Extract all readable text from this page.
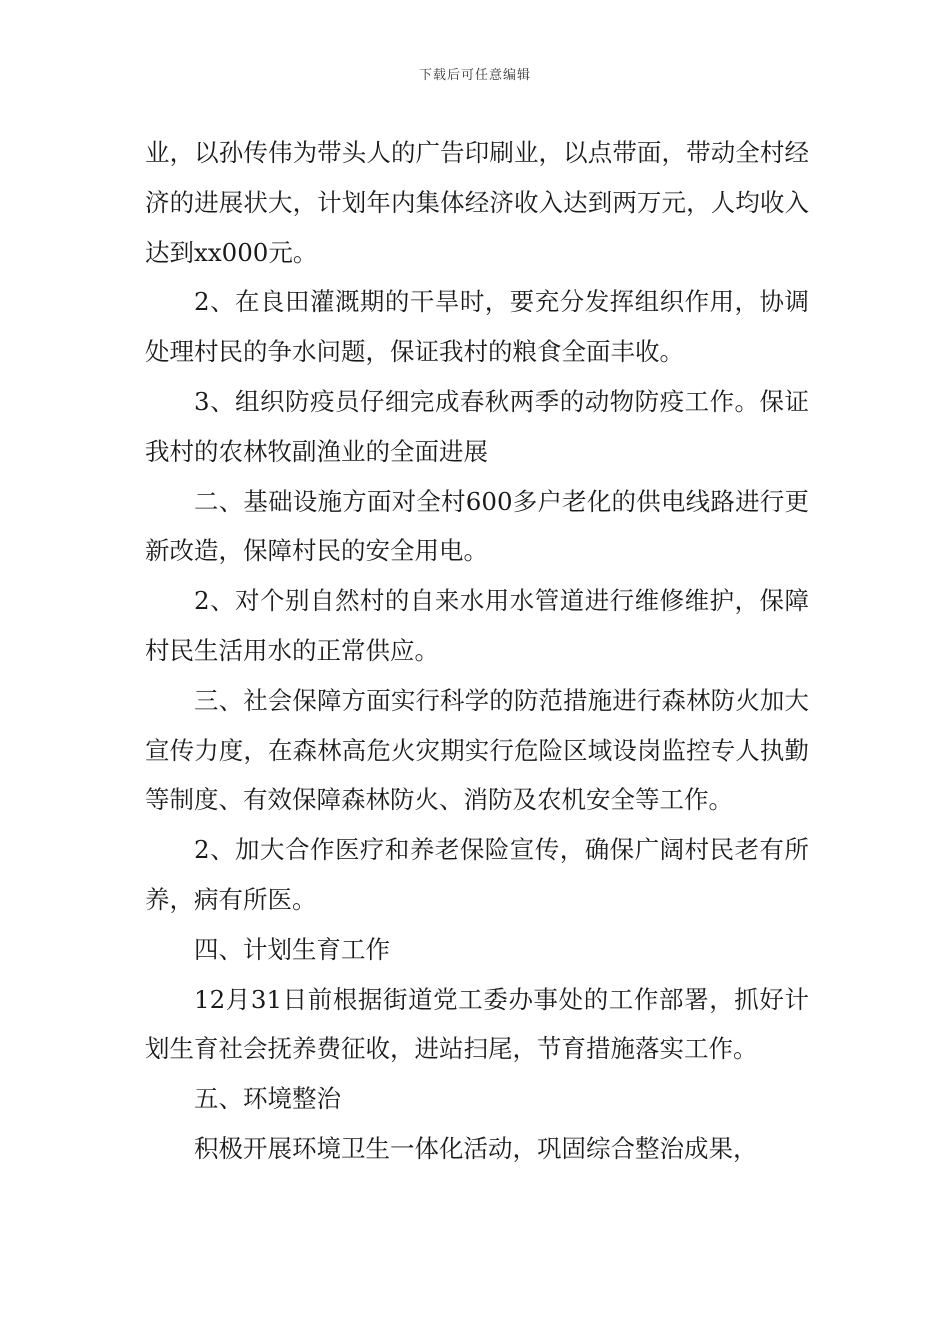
下载后可任意编辑

业，以孙传伟为带头人的广告印刷业，以点带面，带动全村经济的进展状大，计划年内集体经济收入达到两万元，人均收入达到xx000元。

2、在良田灌溉期的干旱时，要充分发挥组织作用，协调处理村民的争水问题，保证我村的粮食全面丰收。

3、组织防疫员仔细完成春秋两季的动物防疫工作。保证我村的农林牧副渔业的全面进展

二、基础设施方面对全村600多户老化的供电线路进行更新改造，保障村民的安全用电。

2、对个别自然村的自来水用水管道进行维修维护，保障村民生活用水的正常供应。

三、社会保障方面实行科学的防范措施进行森林防火加大宣传力度，在森林高危火灾期实行危险区域设岗监控专人执勤等制度、有效保障森林防火、消防及农机安全等工作。

2、加大合作医疗和养老保险宣传，确保广阔村民老有所养，病有所医。

四、计划生育工作

12月31日前根据街道党工委办事处的工作部署，抓好计划生育社会抚养费征收，进站扫尾，节育措施落实工作。

五、环境整治

积极开展环境卫生一体化活动，巩固综合整治成果，
